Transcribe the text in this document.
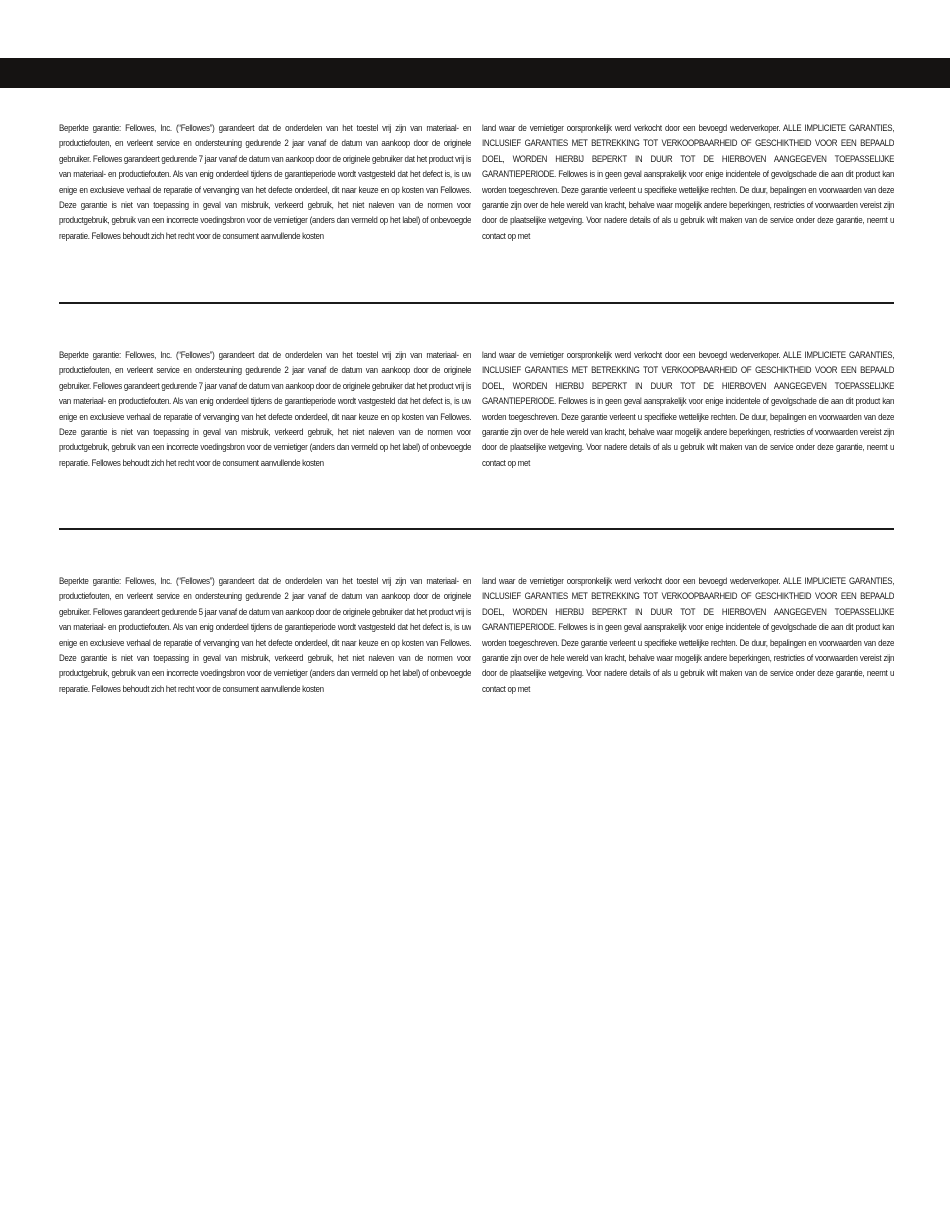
Beperkte garantie: Fellowes, Inc. (“Fellowes”) garandeert dat de onderdelen van het toestel vrij zijn van materiaal- en productiefouten, en verleent service en ondersteuning gedurende 2 jaar vanaf de datum van aankoop door de originele gebruiker. Fellowes garandeert gedurende 7 jaar vanaf de datum van aankoop door de originele gebruiker dat het product vrij is van materiaal- en productiefouten. Als van enig onderdeel tijdens de garantieperiode wordt vastgesteld dat het defect is, is uw enige en exclusieve verhaal de reparatie of vervanging van het defecte onderdeel, dit naar keuze en op kosten van Fellowes. Deze garantie is niet van toepassing in geval van misbruik, verkeerd gebruik, het niet naleven van de normen voor productgebruik, gebruik van een incorrecte voedingsbron voor de vernietiger (anders dan vermeld op het label) of onbevoegde reparatie. Fellowes behoudt zich het recht voor de consument aanvullende kosten
land waar de vernietiger oorspronkelijk werd verkocht door een bevoegd wederverkoper. ALLE IMPLICIETE GARANTIES, INCLUSIEF GARANTIES MET BETREKKING TOT VERKOOPBAARHEID OF GESCHIKTHEID VOOR EEN BEPAALD DOEL, WORDEN HIERBIJ BEPERKT IN DUUR TOT DE HIERBOVEN AANGEGEVEN TOEPASSELIJKE GARANTIEPERIODE. Fellowes is in geen geval aansprakelijk voor enige incidentele of gevolgschade die aan dit product kan worden toegeschreven. Deze garantie verleent u specifieke wettelijke rechten. De duur, bepalingen en voorwaarden van deze garantie zijn over de hele wereld van kracht, behalve waar mogelijk andere beperkingen, restricties of voorwaarden vereist zijn door de plaatselijke wetgeving. Voor nadere details of als u gebruik wilt maken van de service onder deze garantie, neemt u contact op met
Beperkte garantie: Fellowes, Inc. (“Fellowes”) garandeert dat de onderdelen van het toestel vrij zijn van materiaal- en productiefouten, en verleent service en ondersteuning gedurende 2 jaar vanaf de datum van aankoop door de originele gebruiker. Fellowes garandeert gedurende 7 jaar vanaf de datum van aankoop door de originele gebruiker dat het product vrij is van materiaal- en productiefouten. Als van enig onderdeel tijdens de garantieperiode wordt vastgesteld dat het defect is, is uw enige en exclusieve verhaal de reparatie of vervanging van het defecte onderdeel, dit naar keuze en op kosten van Fellowes. Deze garantie is niet van toepassing in geval van misbruik, verkeerd gebruik, het niet naleven van de normen voor productgebruik, gebruik van een incorrecte voedingsbron voor de vernietiger (anders dan vermeld op het label) of onbevoegde reparatie. Fellowes behoudt zich het recht voor de consument aanvullende kosten
land waar de vernietiger oorspronkelijk werd verkocht door een bevoegd wederverkoper. ALLE IMPLICIETE GARANTIES, INCLUSIEF GARANTIES MET BETREKKING TOT VERKOOPBAARHEID OF GESCHIKTHEID VOOR EEN BEPAALD DOEL, WORDEN HIERBIJ BEPERKT IN DUUR TOT DE HIERBOVEN AANGEGEVEN TOEPASSELIJKE GARANTIEPERIODE. Fellowes is in geen geval aansprakelijk voor enige incidentele of gevolgschade die aan dit product kan worden toegeschreven. Deze garantie verleent u specifieke wettelijke rechten. De duur, bepalingen en voorwaarden van deze garantie zijn over de hele wereld van kracht, behalve waar mogelijk andere beperkingen, restricties of voorwaarden vereist zijn door de plaatselijke wetgeving. Voor nadere details of als u gebruik wilt maken van de service onder deze garantie, neemt u contact op met
Beperkte garantie: Fellowes, Inc. (“Fellowes”) garandeert dat de onderdelen van het toestel vrij zijn van materiaal- en productiefouten, en verleent service en ondersteuning gedurende 2 jaar vanaf de datum van aankoop door de originele gebruiker. Fellowes garandeert gedurende 5 jaar vanaf de datum van aankoop door de originele gebruiker dat het product vrij is van materiaal- en productiefouten. Als van enig onderdeel tijdens de garantieperiode wordt vastgesteld dat het defect is, is uw enige en exclusieve verhaal de reparatie of vervanging van het defecte onderdeel, dit naar keuze en op kosten van Fellowes. Deze garantie is niet van toepassing in geval van misbruik, verkeerd gebruik, het niet naleven van de normen voor productgebruik, gebruik van een incorrecte voedingsbron voor de vernietiger (anders dan vermeld op het label) of onbevoegde reparatie. Fellowes behoudt zich het recht voor de consument aanvullende kosten
land waar de vernietiger oorspronkelijk werd verkocht door een bevoegd wederverkoper. ALLE IMPLICIETE GARANTIES, INCLUSIEF GARANTIES MET BETREKKING TOT VERKOOPBAARHEID OF GESCHIKTHEID VOOR EEN BEPAALD DOEL, WORDEN HIERBIJ BEPERKT IN DUUR TOT DE HIERBOVEN AANGEGEVEN TOEPASSELIJKE GARANTIEPERIODE. Fellowes is in geen geval aansprakelijk voor enige incidentele of gevolgschade die aan dit product kan worden toegeschreven. Deze garantie verleent u specifieke wettelijke rechten. De duur, bepalingen en voorwaarden van deze garantie zijn over de hele wereld van kracht, behalve waar mogelijk andere beperkingen, restricties of voorwaarden vereist zijn door de plaatselijke wetgeving. Voor nadere details of als u gebruik wilt maken van de service onder deze garantie, neemt u contact op met
